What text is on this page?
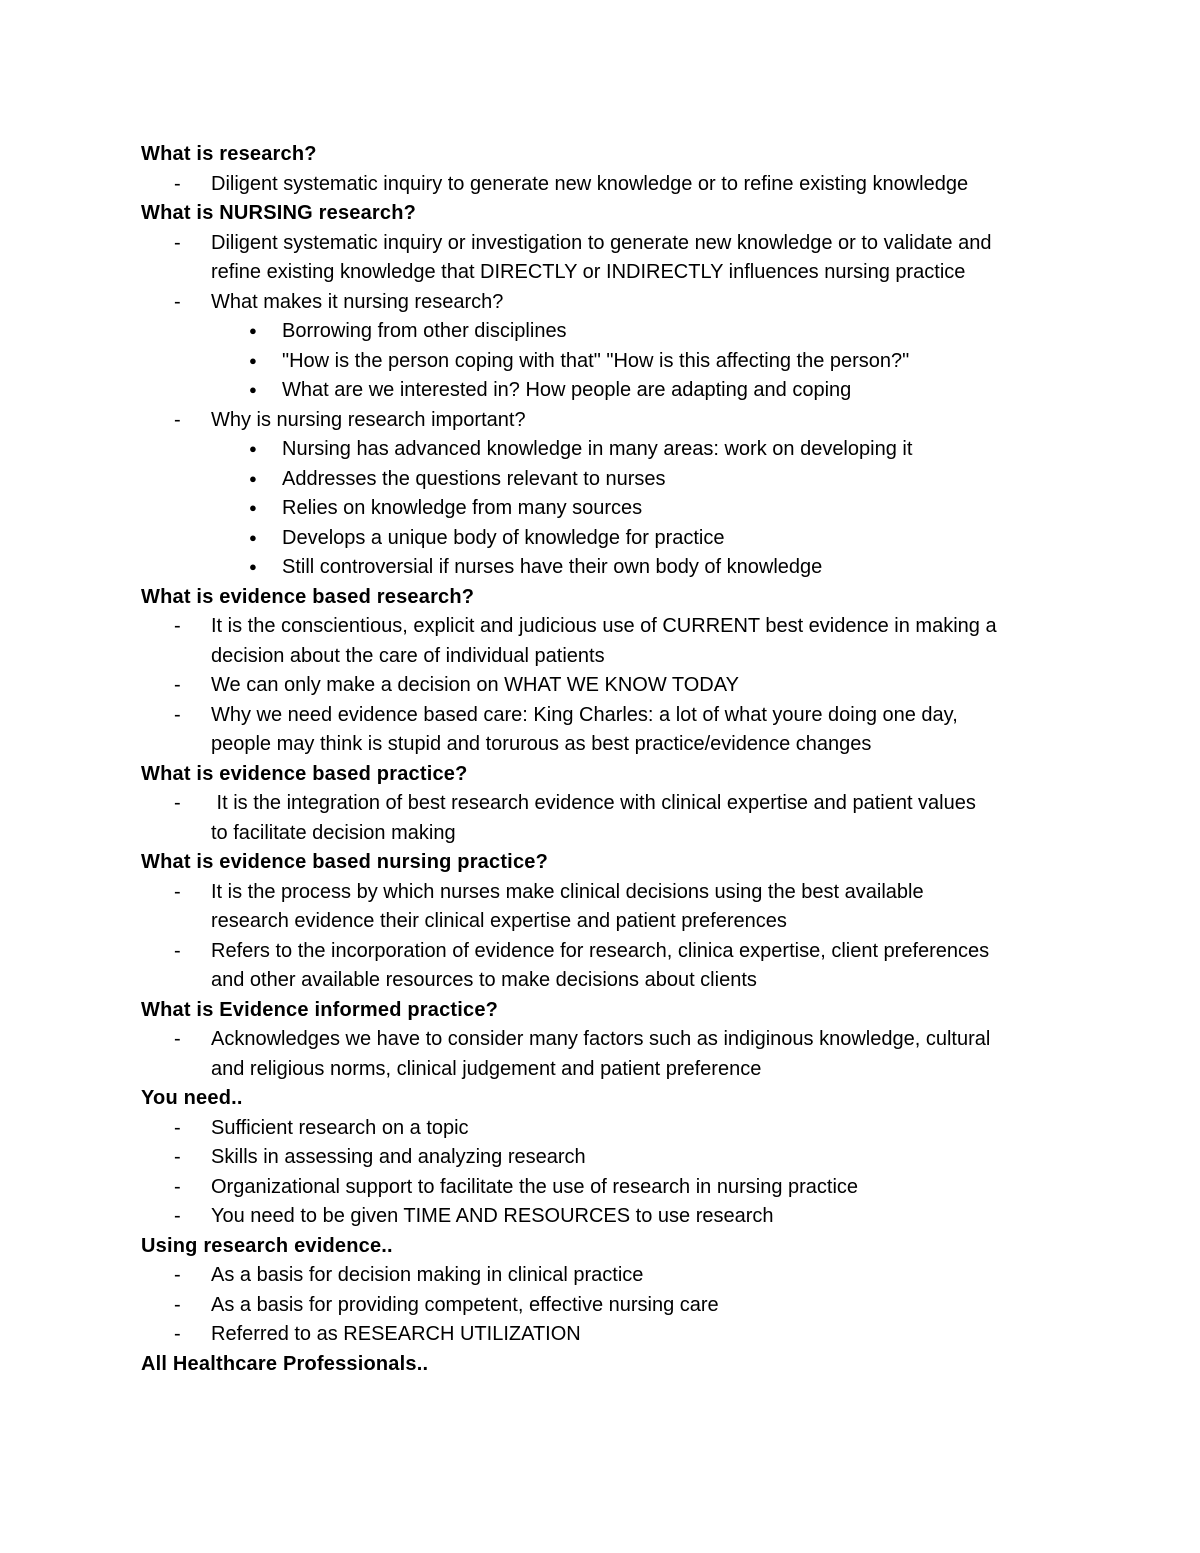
What is research?
-	Diligent systematic inquiry to generate new knowledge or to refine existing knowledge
What is NURSING research?
-	Diligent systematic inquiry or investigation to generate new knowledge or to validate and
refine existing knowledge that DIRECTLY or INDIRECTLY influences nursing practice
-	What makes it nursing research?
●	Borrowing from other disciplines
●	"How is the person coping with that" "How is this affecting the person?"
●	What are we interested in? How people are adapting and coping
-	Why is nursing research important?
●	Nursing has advanced knowledge in many areas: work on developing it
●	Addresses the questions relevant to nurses
●	Relies on knowledge from many sources
●	Develops a unique body of knowledge for practice
●	Still controversial if nurses have their own body of knowledge
What is evidence based research?
-	It is the conscientious, explicit and judicious use of CURRENT best evidence in making a
decision about the care of individual patients
-	We can only make a decision on WHAT WE KNOW TODAY
-	Why we need evidence based care: King Charles: a lot of what youre doing one day,
people may think is stupid and torurous as best practice/evidence changes
What is evidence based practice?
-	It is the integration of best research evidence with clinical expertise and patient values
to facilitate decision making
What is evidence based nursing practice?
-	It is the process by which nurses make clinical decisions using the best available
research evidence their clinical expertise and patient preferences
-	Refers to the incorporation of evidence for research, clinica expertise, client preferences
and other available resources to make decisions about clients
What is Evidence informed practice?
-	Acknowledges we have to consider many factors such as indiginous knowledge, cultural
and religious norms, clinical judgement and patient preference
You need..
-	Sufficient research on a topic
-	Skills in assessing and analyzing research
-	Organizational support to facilitate the use of research in nursing practice
-	You need to be given TIME AND RESOURCES to use research
Using research evidence..
-	As a basis for decision making in clinical practice
-	As a basis for providing competent, effective nursing care
-	Referred to as RESEARCH UTILIZATION
All Healthcare Professionals..
